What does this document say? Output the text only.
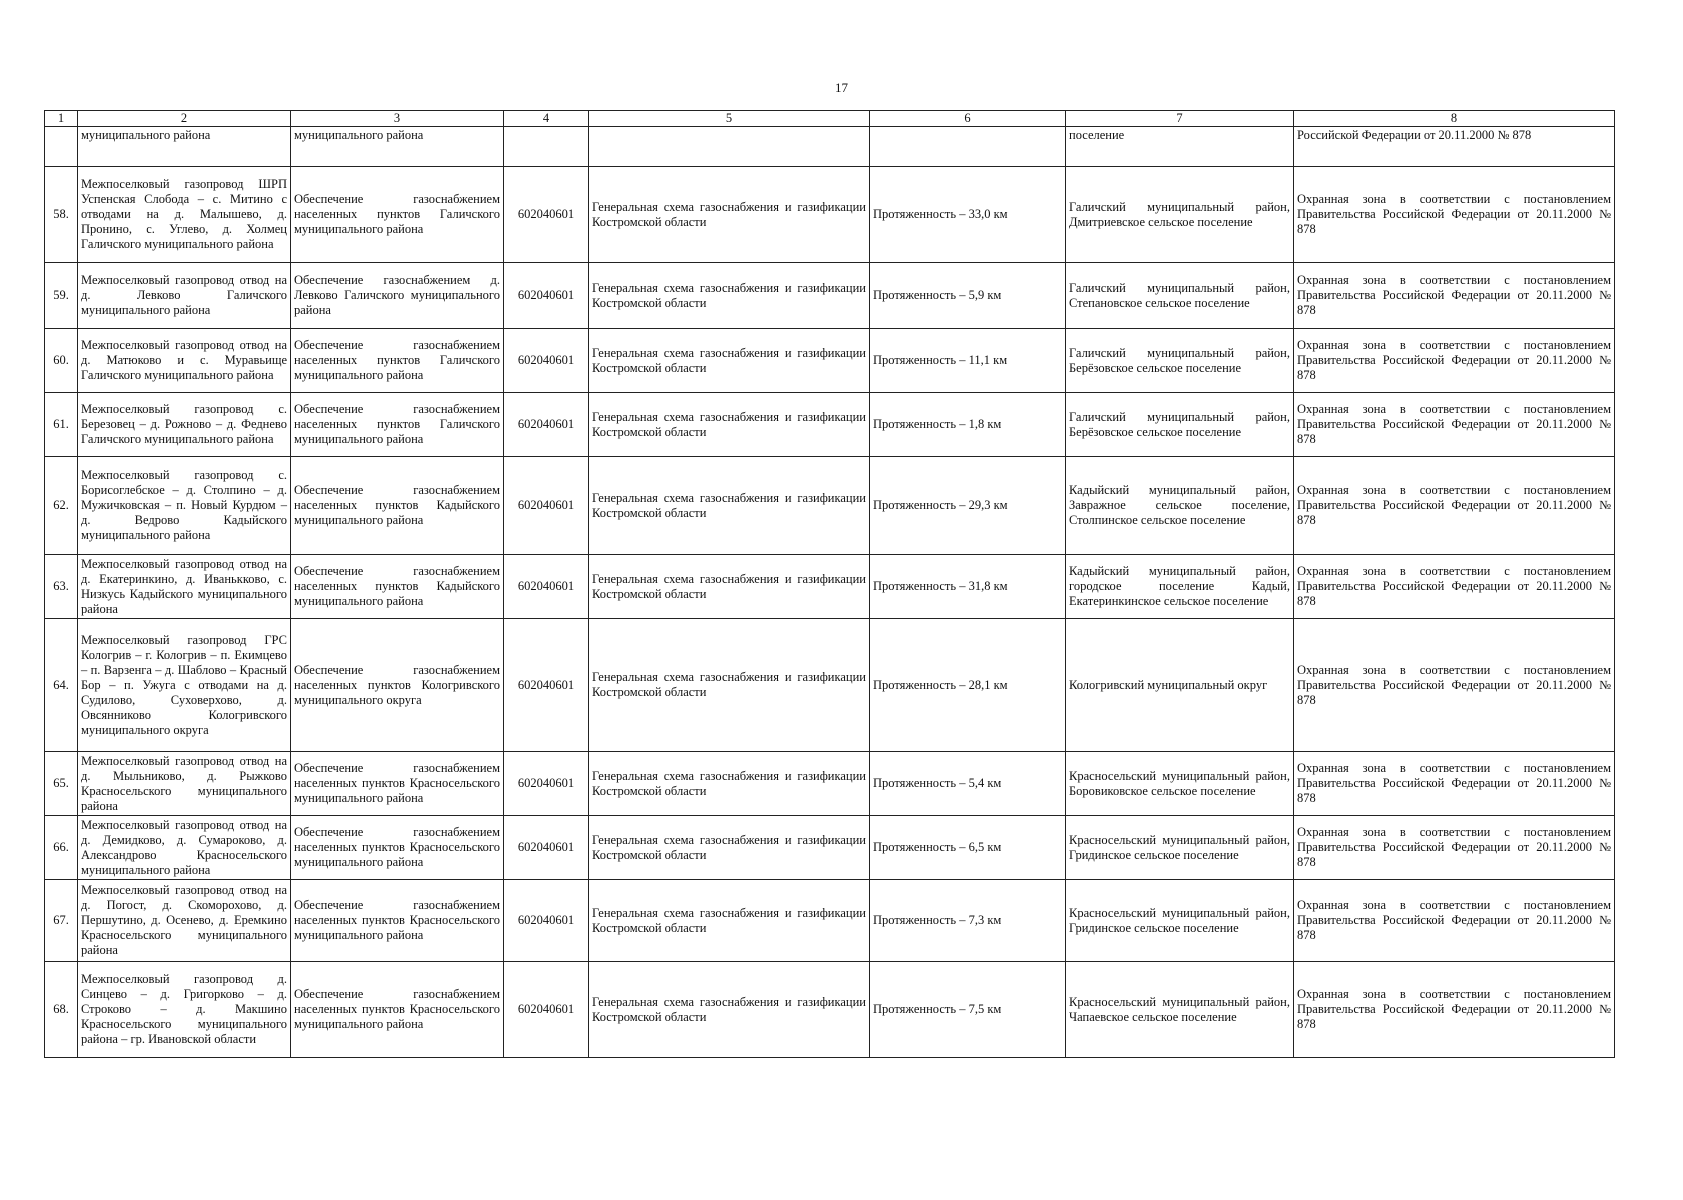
17
1	2	3	4	5	6	7	8
	муниципального района	муниципального района				поселение	Российской Федерации от 20.11.2000 № 878
58.	Межпоселковый газопровод ШРП Успенская Слобода – с. Митино с отводами на д. Малышево, д. Пронино, с. Углево, д. Холмец Галичского муниципального района	Обеспечение газоснабжением населенных пунктов Галичского муниципального района	602040601	Генеральная схема газоснабжения и газификации Костромской области	Протяженность – 33,0 км	Галичский муниципальный район, Дмитриевское сельское поселение	Охранная зона в соответствии с постановлением Правительства Российской Федерации от 20.11.2000 № 878
59.	Межпоселковый газопровод отвод на д. Левково Галичского муниципального района	Обеспечение газоснабжением д. Левково Галичского муниципального района	602040601	Генеральная схема газоснабжения и газификации Костромской области	Протяженность – 5,9 км	Галичский муниципальный район, Степановское сельское поселение	Охранная зона в соответствии с постановлением Правительства Российской Федерации от 20.11.2000 № 878
60.	Межпоселковый газопровод отвод на д. Матюково и с. Муравьище Галичского муниципального района	Обеспечение газоснабжением населенных пунктов Галичского муниципального района	602040601	Генеральная схема газоснабжения и газификации Костромской области	Протяженность – 11,1 км	Галичский муниципальный район, Берёзовское сельское поселение	Охранная зона в соответствии с постановлением Правительства Российской Федерации от 20.11.2000 № 878
61.	Межпоселковый газопровод с. Березовец – д. Рожново – д. Феднево Галичского муниципального района	Обеспечение газоснабжением населенных пунктов Галичского муниципального района	602040601	Генеральная схема газоснабжения и газификации Костромской области	Протяженность – 1,8 км	Галичский муниципальный район, Берёзовское сельское поселение	Охранная зона в соответствии с постановлением Правительства Российской Федерации от 20.11.2000 № 878
62.	Межпоселковый газопровод с. Борисоглебское – д. Столпино – д. Мужичковская – п. Новый Курдюм – д. Ведрово Кадыйского муниципального района	Обеспечение газоснабжением населенных пунктов Кадыйского муниципального района	602040601	Генеральная схема газоснабжения и газификации Костромской области	Протяженность – 29,3 км	Кадыйский муниципальный район, Завражное сельское поселение, Столпинское сельское поселение	Охранная зона в соответствии с постановлением Правительства Российской Федерации от 20.11.2000 № 878
63.	Межпоселковый газопровод отвод на д. Екатеринкино, д. Иванькково, с. Низкусь Кадыйского муниципального района	Обеспечение газоснабжением населенных пунктов Кадыйского муниципального района	602040601	Генеральная схема газоснабжения и газификации Костромской области	Протяженность – 31,8 км	Кадыйский муниципальный район, городское поселение Кадый, Екатеринкинское сельское поселение	Охранная зона в соответствии с постановлением Правительства Российской Федерации от 20.11.2000 № 878
64.	Межпоселковый газопровод ГРС Кологрив – г. Кологрив – п. Екимцево – п. Варзенга – д. Шаблово – Красный Бор – п. Ужуга с отводами на д. Судилово, Суховерхово, д. Овсянниково Кологривского муниципального округа	Обеспечение газоснабжением населенных пунктов Кологривского муниципального округа	602040601	Генеральная схема газоснабжения и газификации Костромской области	Протяженность – 28,1 км	Кологривский муниципальный округ	Охранная зона в соответствии с постановлением Правительства Российской Федерации от 20.11.2000 № 878
65.	Межпоселковый газопровод отвод на д. Мыльниково, д. Рыжково Красносельского муниципального района	Обеспечение газоснабжением населенных пунктов Красносельского муниципального района	602040601	Генеральная схема газоснабжения и газификации Костромской области	Протяженность – 5,4 км	Красносельский муниципальный район, Боровиковское сельское поселение	Охранная зона в соответствии с постановлением Правительства Российской Федерации от 20.11.2000 № 878
66.	Межпоселковый газопровод отвод на д. Демидково, д. Сумароково, д. Александрово Красносельского муниципального района	Обеспечение газоснабжением населенных пунктов Красносельского муниципального района	602040601	Генеральная схема газоснабжения и газификации Костромской области	Протяженность – 6,5 км	Красносельский муниципальный район, Гридинское сельское поселение	Охранная зона в соответствии с постановлением Правительства Российской Федерации от 20.11.2000 № 878
67.	Межпоселковый газопровод отвод на д. Погост, д. Скоморохово, д. Першутино, д. Осенево, д. Еремкино Красносельского муниципального района	Обеспечение газоснабжением населенных пунктов Красносельского муниципального района	602040601	Генеральная схема газоснабжения и газификации Костромской области	Протяженность – 7,3 км	Красносельский муниципальный район, Гридинское сельское поселение	Охранная зона в соответствии с постановлением Правительства Российской Федерации от 20.11.2000 № 878
68.	Межпоселковый газопровод д. Синцево – д. Григорково – д. Строково – д. Макшино Красносельского муниципального района – гр. Ивановской области	Обеспечение газоснабжением населенных пунктов Красносельского муниципального района	602040601	Генеральная схема газоснабжения и газификации Костромской области	Протяженность – 7,5 км	Красносельский муниципальный район, Чапаевское сельское поселение	Охранная зона в соответствии с постановлением Правительства Российской Федерации от 20.11.2000 № 878
